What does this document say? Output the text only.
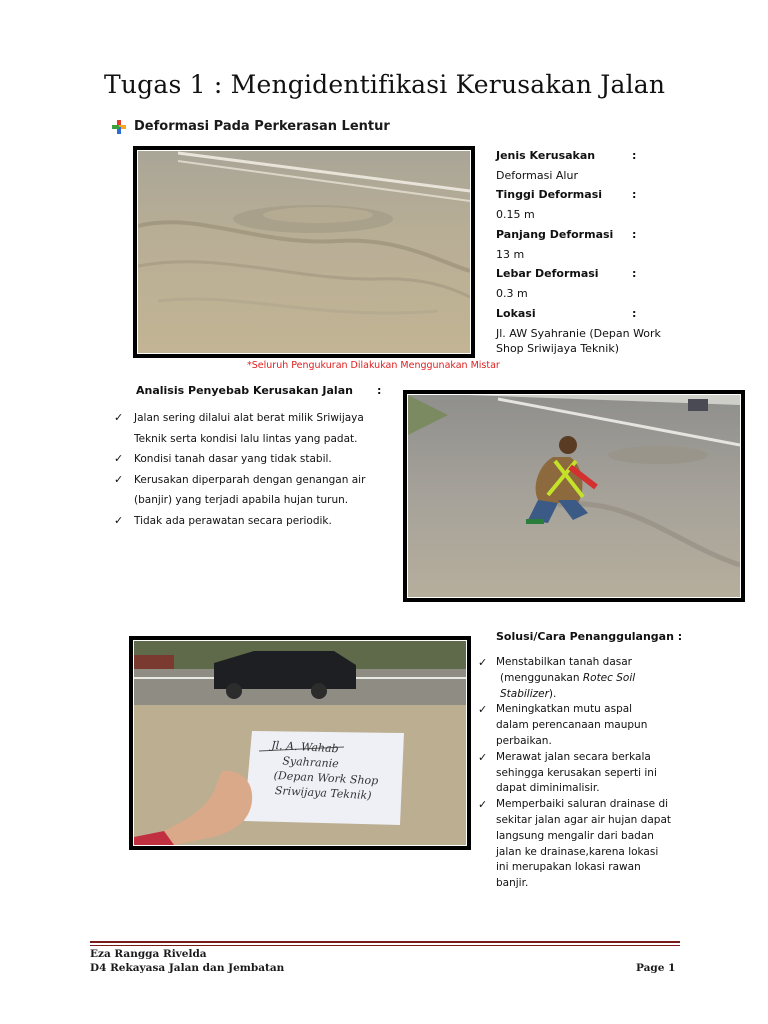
Tugas 1 : Mengidentifikasi Kerusakan Jalan
Deformasi Pada Perkerasan Lentur
Jenis Kerusakan	:
Deformasi Alur
Tinggi Deformasi	:
0.15 m
Panjang Deformasi	:
13 m
Lebar Deformasi	:
0.3 m
Lokasi	:
Jl. AW Syahranie (Depan Work Shop Sriwijaya Teknik)
*Seluruh Pengukuran Dilakukan Menggunakan Mistar
Analisis Penyebab Kerusakan Jalan :
✓	Jalan sering dilalui alat berat milik Sriwijaya Teknik serta kondisi lalu lintas yang padat.
✓	Kondisi tanah dasar yang tidak stabil.
✓	Kerusakan diperparah dengan genangan air (banjir) yang terjadi apabila hujan turun.
✓	Tidak ada perawatan secara periodik.
Jl. A. Wahab
Syahranie
(Depan Work Shop
Sriwijaya Teknik)
Solusi/Cara Penanggulangan :
✓ Menstabilkan tanah dasar
(menggunakan Rotec Soil
Stabilizer).
✓ Meningkatkan mutu aspal dalam perencanaan maupun perbaikan.
✓ Merawat jalan secara berkala sehingga kerusakan seperti ini dapat diminimalisir.
✓ Memperbaiki saluran drainase di sekitar jalan agar air hujan dapat langsung mengalir dari badan jalan ke drainase,karena lokasi ini merupakan lokasi rawan banjir.
Eza Rangga Rivelda
D4 Rekayasa Jalan dan Jembatan	Page 1
